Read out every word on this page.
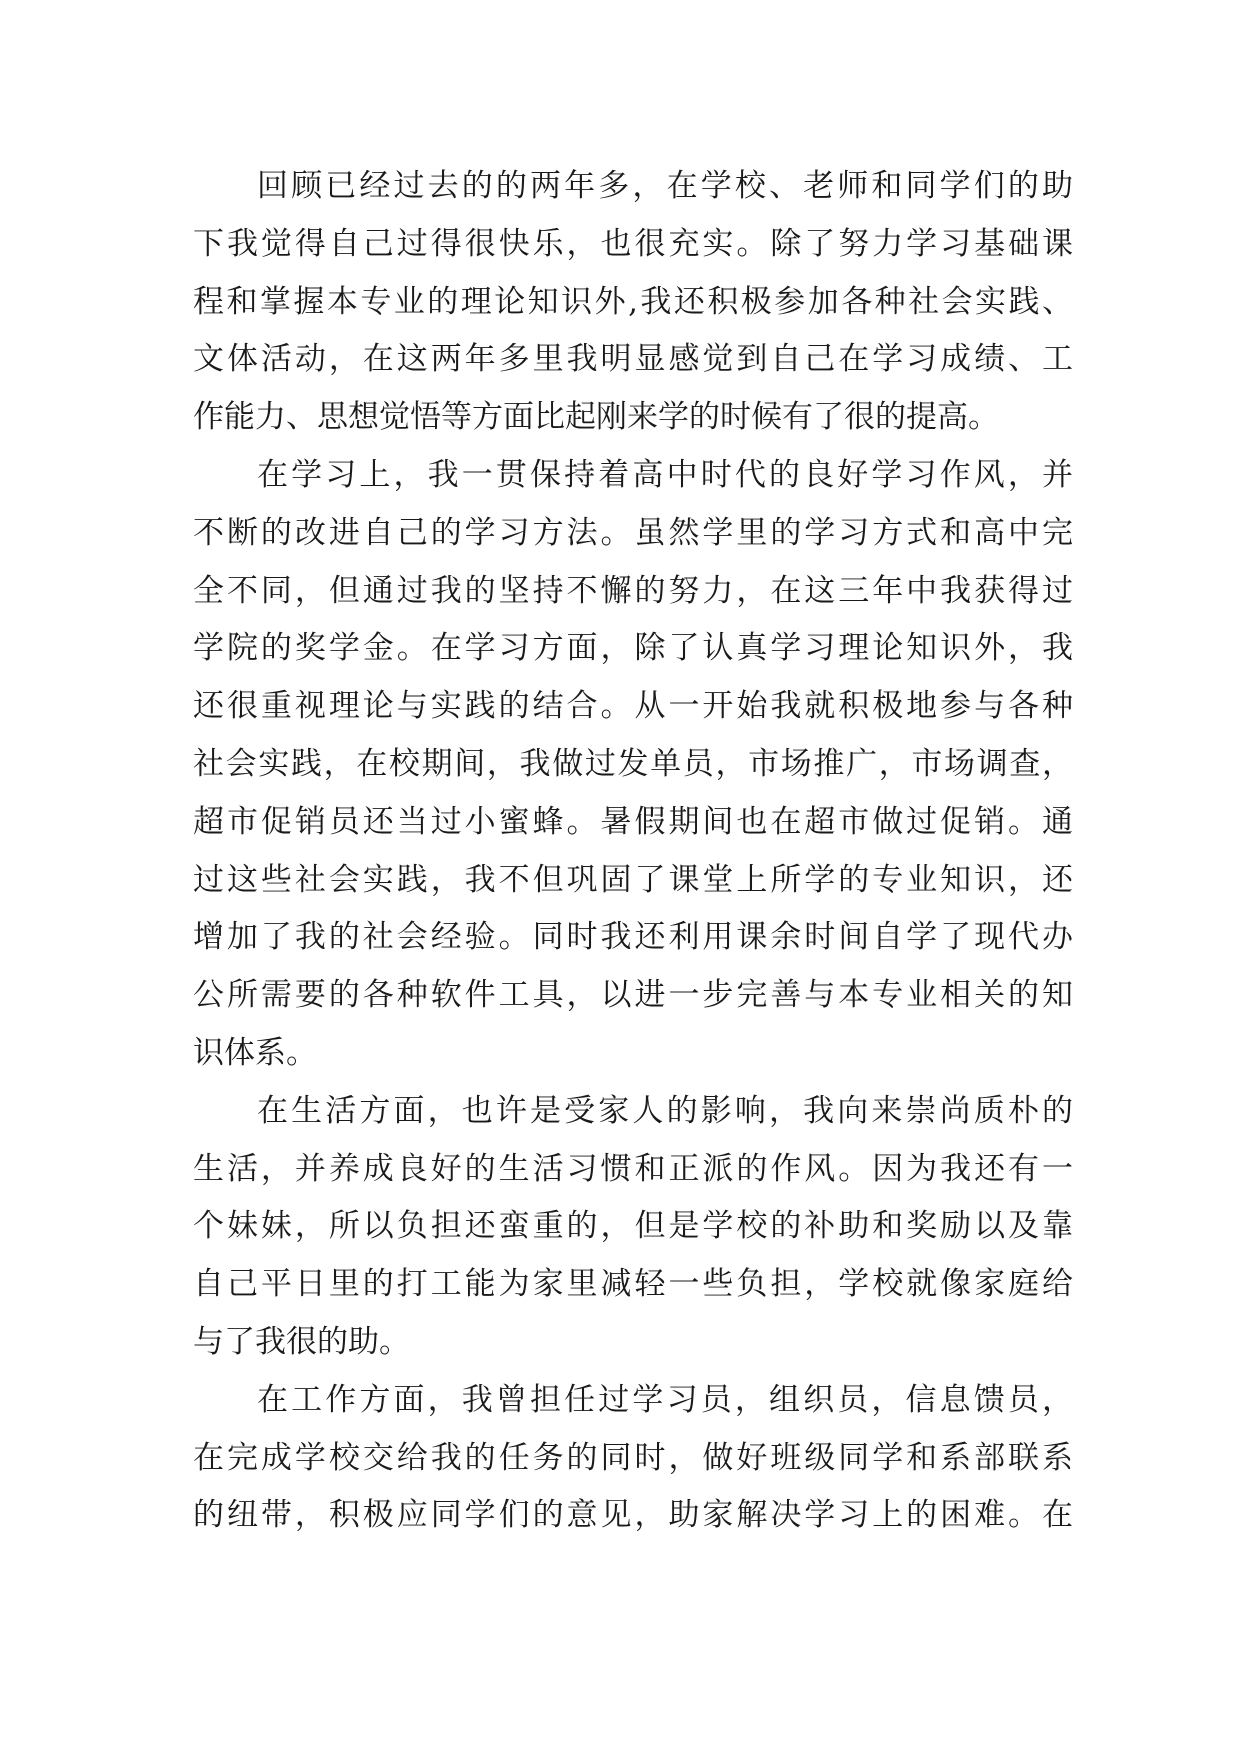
回顾已经过去的的两年多，在学校、老师和同学们的助
下我觉得自己过得很快乐，也很充实。除了努力学习基础课
程和掌握本专业的理论知识外,我还积极参加各种社会实践、
文体活动，在这两年多里我明显感觉到自己在学习成绩、工
作能力、思想觉悟等方面比起刚来学的时候有了很的提高。
在学习上，我一贯保持着高中时代的良好学习作风，并
不断的改进自己的学习方法。虽然学里的学习方式和高中完
全不同，但通过我的坚持不懈的努力，在这三年中我获得过
学院的奖学金。在学习方面，除了认真学习理论知识外，我
还很重视理论与实践的结合。从一开始我就积极地参与各种
社会实践，在校期间，我做过发单员，市场推广，市场调查，
超市促销员还当过小蜜蜂。暑假期间也在超市做过促销。通
过这些社会实践，我不但巩固了课堂上所学的专业知识，还
增加了我的社会经验。同时我还利用课余时间自学了现代办
公所需要的各种软件工具，以进一步完善与本专业相关的知
识体系。
在生活方面，也许是受家人的影响，我向来崇尚质朴的
生活，并养成良好的生活习惯和正派的作风。因为我还有一
个妹妹，所以负担还蛮重的，但是学校的补助和奖励以及靠
自己平日里的打工能为家里减轻一些负担，学校就像家庭给
与了我很的助。
在工作方面，我曾担任过学习员，组织员，信息馈员，
在完成学校交给我的任务的同时，做好班级同学和系部联系
的纽带，积极应同学们的意见，助家解决学习上的困难。在
